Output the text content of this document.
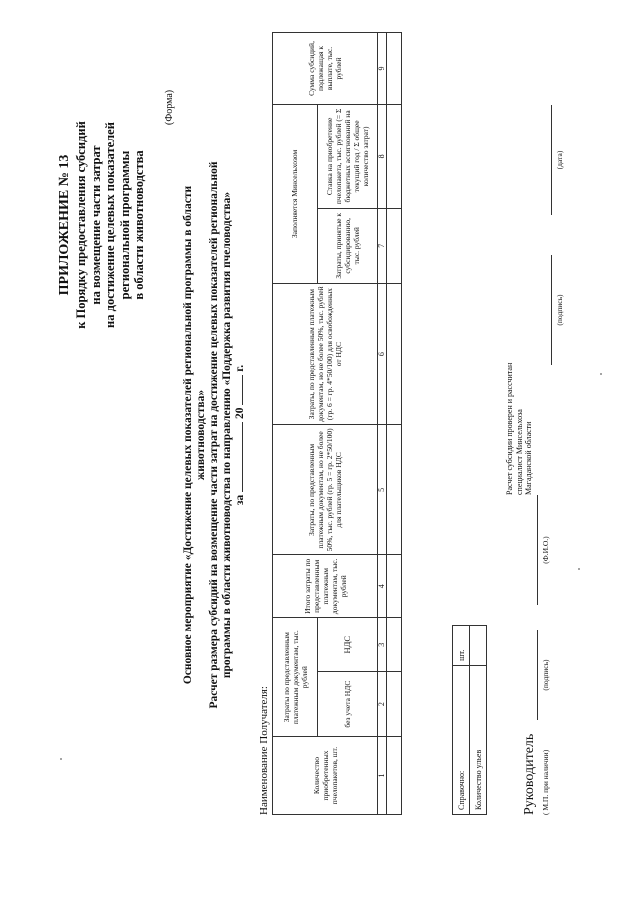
ПРИЛОЖЕНИЕ № 13 к Порядку предоставления субсидий на возмещение части затрат на достижение целевых показателей региональной программы в области животноводства
(Форма)
Основное мероприятие «Достижение целевых показателей региональной программы в области животноводства» Расчет размера субсидий на возмещение части затрат на достижение целевых показателей региональной программы в области животноводства по направлению «Поддержка развития пчеловодства» за  20  г.
Наименование Получателя:	Количество приобретенных пчелопакетов, шт.	Затраты по представленным платежным документам, тыс. рублей		Итого затраты по представленным платежным документам, тыс. рублей	Затраты, по представленным платежным документам, но не более 50%, тыс. рублей (гр. 5 = гр. 2*50/100) для плательщиков НДС	Затраты, по представленным платежным документам, но не более 50%, тыс. рублей (гр. 6 = гр. 4*50/100) для освобожденных от НДС	Заполняется Минсельхозом		Сумма субсидий, подлежащая к выплате, тыс. рублей
	без учета НДС	НДС				Затраты, принятые к субсидированию, тыс. рублей	Ставка на приобретение пчелопакета, тыс. рублей (= Σ бюджетных ассигнований на текущий год / Σ общее количество затрат)	
1	2	3	4	5	6	7	8	9

Справочно:	шт.
Количество ульев		Руководитель ( М.П. при наличии)
(подпись)
(Ф.И.О.)
Расчет субсидии проверен и рассчитан специалист Минсельхоза Магаданской области
(подпись)
(дата)
